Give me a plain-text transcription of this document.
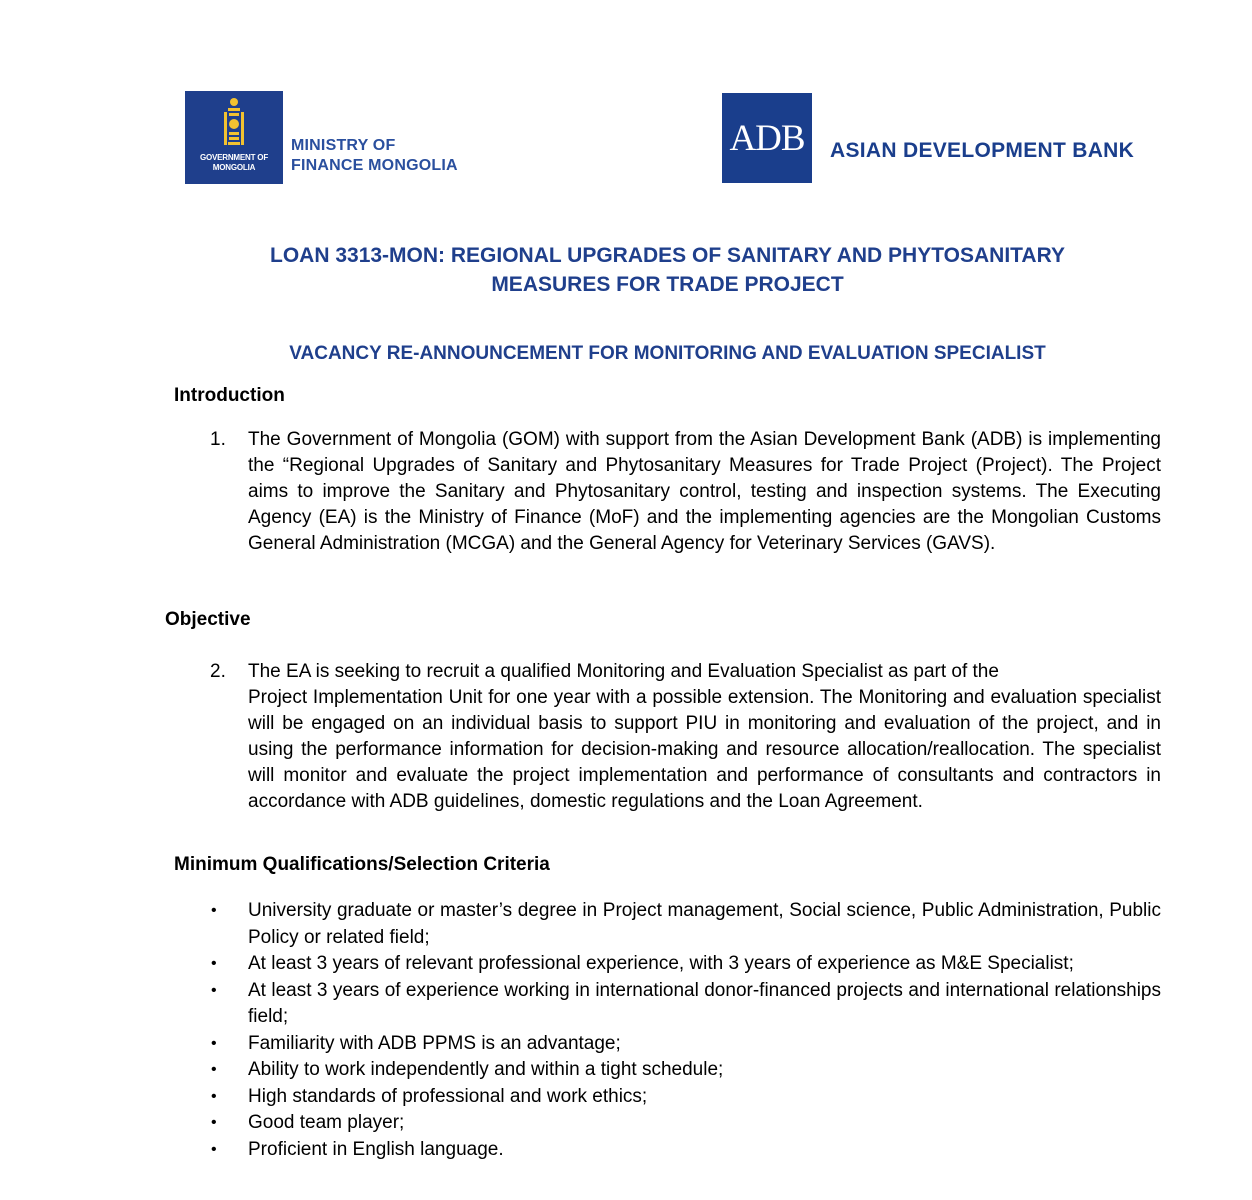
GOVERNMENT OF MONGOLIA
MINISTRY OF
FINANCE MONGOLIA
ADB	ASIAN DEVELOPMENT BANK
LOAN 3313-MON: REGIONAL UPGRADES OF SANITARY AND PHYTOSANITARY
MEASURES FOR TRADE PROJECT
VACANCY RE-ANNOUNCEMENT FOR MONITORING AND EVALUATION SPECIALIST
Introduction
1. The Government of Mongolia (GOM) with support from the Asian Development Bank (ADB) is implementing the “Regional Upgrades of Sanitary and Phytosanitary Measures for Trade Project (Project). The Project aims to improve the Sanitary and Phytosanitary control, testing and inspection systems. The Executing Agency (EA) is the Ministry of Finance (MoF) and the implementing agencies are the Mongolian Customs General Administration (MCGA) and the General Agency for Veterinary Services (GAVS).
Objective
2. The EA is seeking to recruit a qualified Monitoring and Evaluation Specialist as part of the
Project Implementation Unit for one year with a possible extension. The Monitoring and evaluation specialist will be engaged on an individual basis to support PIU in monitoring and evaluation of the project, and in using the performance information for decision-making and resource allocation/reallocation. The specialist will monitor and evaluate the project implementation and performance of consultants and contractors in accordance with ADB guidelines, domestic regulations and the Loan Agreement.
Minimum Qualifications/Selection Criteria
• University graduate or master’s degree in Project management, Social science, Public Administration, Public Policy or related field;
• At least 3 years of relevant professional experience, with 3 years of experience as M&E Specialist;
• At least 3 years of experience working in international donor-financed projects and international relationships field;
• Familiarity with ADB PPMS is an advantage;
• Ability to work independently and within a tight schedule;
• High standards of professional and work ethics;
• Good team player;
• Proficient in English language.
